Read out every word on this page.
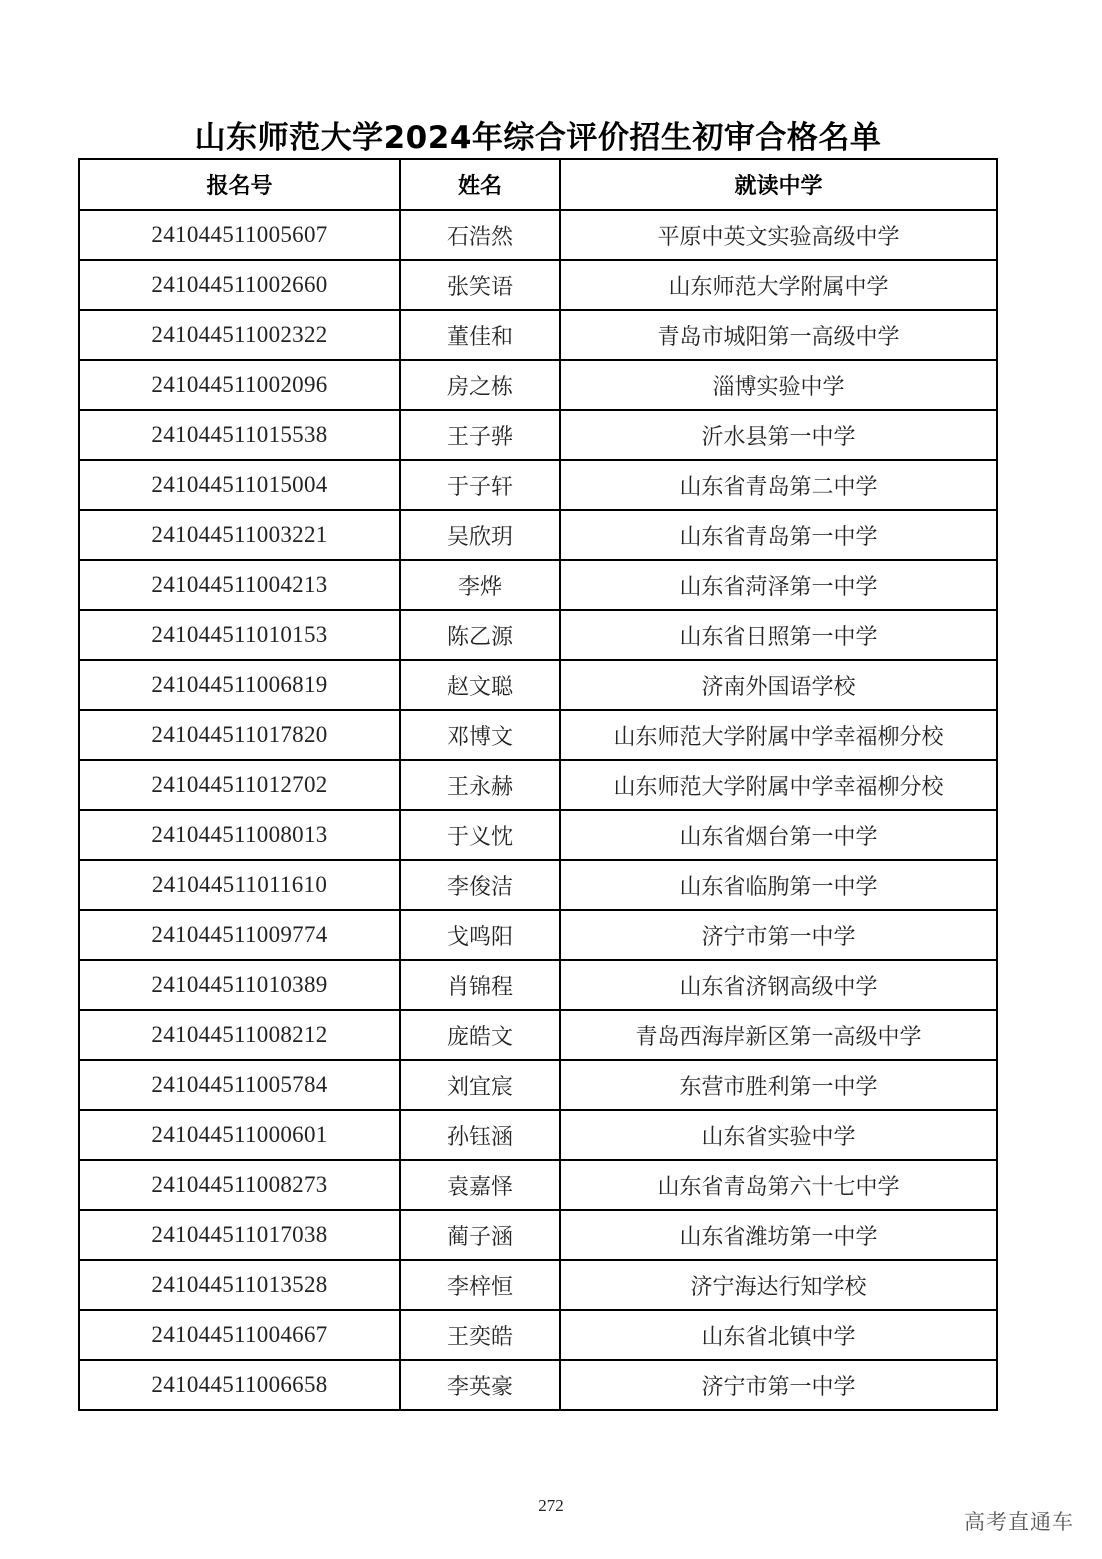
山东师范大学2024年综合评价招生初审合格名单
报名号	姓名	就读中学
241044511005607	石浩然	平原中英文实验高级中学
241044511002660	张笑语	山东师范大学附属中学
241044511002322	董佳和	青岛市城阳第一高级中学
241044511002096	房之栋	淄博实验中学
241044511015538	王子骅	沂水县第一中学
241044511015004	于子轩	山东省青岛第二中学
241044511003221	吴欣玥	山东省青岛第一中学
241044511004213	李烨	山东省菏泽第一中学
241044511010153	陈乙源	山东省日照第一中学
241044511006819	赵文聪	济南外国语学校
241044511017820	邓博文	山东师范大学附属中学幸福柳分校
241044511012702	王永赫	山东师范大学附属中学幸福柳分校
241044511008013	于义忱	山东省烟台第一中学
241044511011610	李俊洁	山东省临朐第一中学
241044511009774	戈鸣阳	济宁市第一中学
241044511010389	肖锦程	山东省济钢高级中学
241044511008212	庞皓文	青岛西海岸新区第一高级中学
241044511005784	刘宜宸	东营市胜利第一中学
241044511000601	孙钰涵	山东省实验中学
241044511008273	袁嘉怿	山东省青岛第六十七中学
241044511017038	蔺子涵	山东省潍坊第一中学
241044511013528	李梓恒	济宁海达行知学校
241044511004667	王奕皓	山东省北镇中学
241044511006658	李英豪	济宁市第一中学
272
高考直通车
